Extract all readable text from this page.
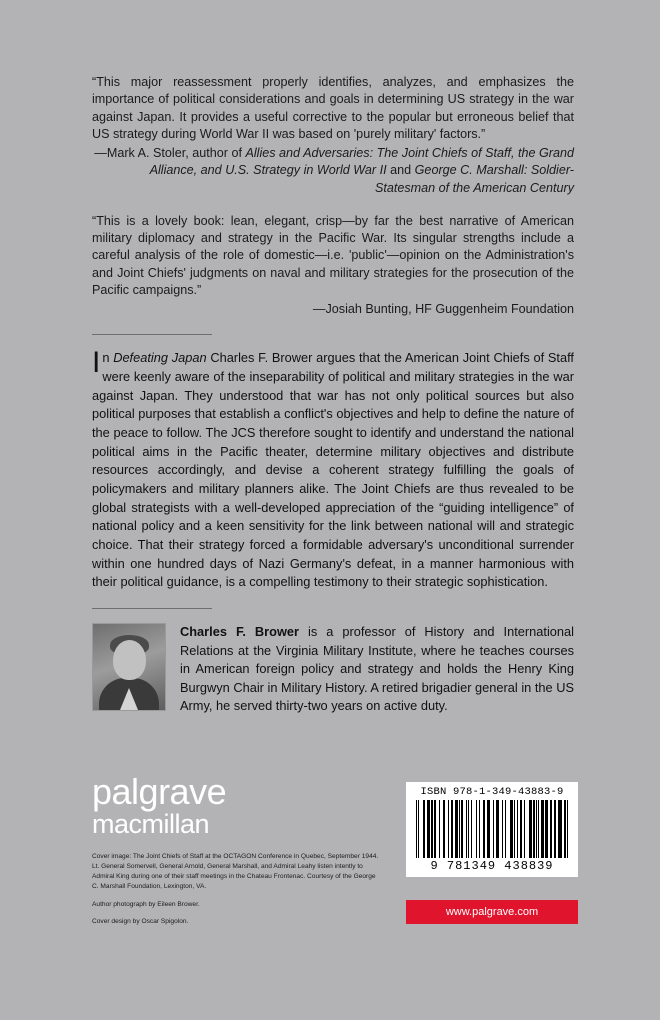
“This major reassessment properly identifies, analyzes, and emphasizes the importance of political considerations and goals in determining US strategy in the war against Japan. It provides a useful corrective to the popular but erroneous belief that US strategy during World War II was based on 'purely military' factors.”
—Mark A. Stoler, author of Allies and Adversaries: The Joint Chiefs of Staff, the Grand Alliance, and U.S. Strategy in World War II and George C. Marshall: Soldier-Statesman of the American Century
“This is a lovely book: lean, elegant, crisp—by far the best narrative of American military diplomacy and strategy in the Pacific War. Its singular strengths include a careful analysis of the role of domestic—i.e. 'public'—opinion on the Administration's and Joint Chiefs' judgments on naval and military strategies for the prosecution of the Pacific campaigns.”
—Josiah Bunting, HF Guggenheim Foundation
In Defeating Japan Charles F. Brower argues that the American Joint Chiefs of Staff were keenly aware of the inseparability of political and military strategies in the war against Japan. They understood that war has not only political sources but also political purposes that establish a conflict's objectives and help to define the nature of the peace to follow. The JCS therefore sought to identify and understand the national political aims in the Pacific theater, determine military objectives and distribute resources accordingly, and devise a coherent strategy fulfilling the goals of policymakers and military planners alike. The Joint Chiefs are thus revealed to be global strategists with a well-developed appreciation of the “guiding intelligence” of national policy and a keen sensitivity for the link between national will and strategic choice. That their strategy forced a formidable adversary's unconditional surrender within one hundred days of Nazi Germany's defeat, in a manner harmonious with their political guidance, is a compelling testimony to their strategic sophistication.
Charles F. Brower is a professor of History and International Relations at the Virginia Military Institute, where he teaches courses in American foreign policy and strategy and holds the Henry King Burgwyn Chair in Military History. A retired brigadier general in the US Army, he served thirty-two years on active duty.
palgrave
macmillan

Cover image: The Joint Chiefs of Staff at the OCTAGON Conference in Quebec, September 1944. Lt. General Somervell, General Arnold, General Marshall, and Admiral Leahy listen intently to Admiral King during one of their staff meetings in the Chateau Frontenac. Courtesy of the George C. Marshall Foundation, Lexington, VA.

Author photograph by Eileen Brower.

Cover design by Oscar Spigolon.

ISBN 978-1-349-43883-9
9 781349 438839
www.palgrave.com
